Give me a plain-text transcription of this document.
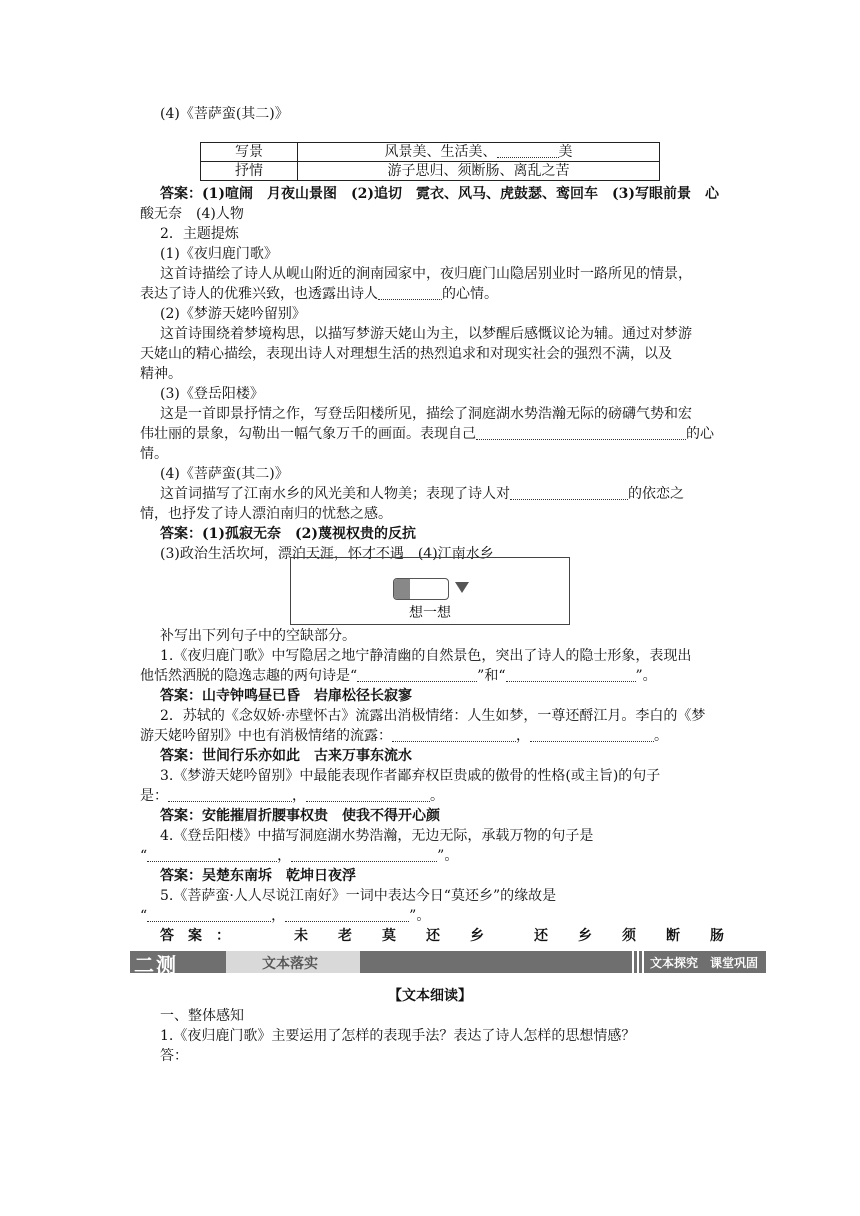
(4)《菩萨蛮(其二)》
写景	风景美、生活美、 美
抒情	游子思归、须断肠、离乱之苦
答案：(1)喧闹　月夜山景图　(2)追切　霓衣、风马、虎鼓瑟、鸾回车　(3)写眼前景　心
酸无奈　(4)人物
2．主题提炼
(1)《夜归鹿门歌》
这首诗描绘了诗人从岘山附近的涧南园家中，夜归鹿门山隐居别业时一路所见的情景，
表达了诗人的优雅兴致，也透露出诗人	的心情。
(2)《梦游天姥吟留别》
这首诗围绕着梦境构思，以描写梦游天姥山为主，以梦醒后感慨议论为辅。通过对梦游
天姥山的精心描绘，表现出诗人对理想生活的热烈追求和对现实社会的强烈不满，以及
精神。
(3)《登岳阳楼》
这是一首即景抒情之作，写登岳阳楼所见，描绘了洞庭湖水势浩瀚无际的磅礴气势和宏
伟壮丽的景象，勾勒出一幅气象万千的画面。表现自己	的心
情。
(4)《菩萨蛮(其二)》
这首词描写了江南水乡的风光美和人物美；表现了诗人对	的依恋之
情，也抒发了诗人漂泊南归的忧愁之感。
答案：(1)孤寂无奈　(2)蔑视权贵的反抗
(3)政治生活坎坷，漂泊天涯，怀才不遇　(4)江南水乡
想一想
补写出下列句子中的空缺部分。
1.《夜归鹿门歌》中写隐居之地宁静清幽的自然景色，突出了诗人的隐士形象，表现出
他恬然洒脱的隐逸志趣的两句诗是“	”和“	”。
答案：山寺钟鸣昼已昏　岩扉松径长寂寥
2．苏轼的《念奴娇·赤壁怀古》流露出消极情绪：人生如梦，一尊还酹江月。李白的《梦
游天姥吟留别》中也有消极情绪的流露：	，	。
答案：世间行乐亦如此　古来万事东流水
3.《梦游天姥吟留别》中最能表现作者鄙弃权臣贵戚的傲骨的性格(或主旨)的句子
是：	，	。
答案：安能摧眉折腰事权贵　使我不得开心颜
4.《登岳阳楼》中描写洞庭湖水势浩瀚，无边无际，承载万物的句子是
“	，	”。
答案：吴楚东南坼　乾坤日夜浮
5.《菩萨蛮·人人尽说江南好》一词中表达今日“莫还乡”的缘故是
“	，	”。
答案：	未老莫还乡 还乡须断肠
二测	文本落实	文本探究　课堂巩固　训练更精准
【文本细读】
一、整体感知
1.《夜归鹿门歌》主要运用了怎样的表现手法？表达了诗人怎样的思想情感？
答：
